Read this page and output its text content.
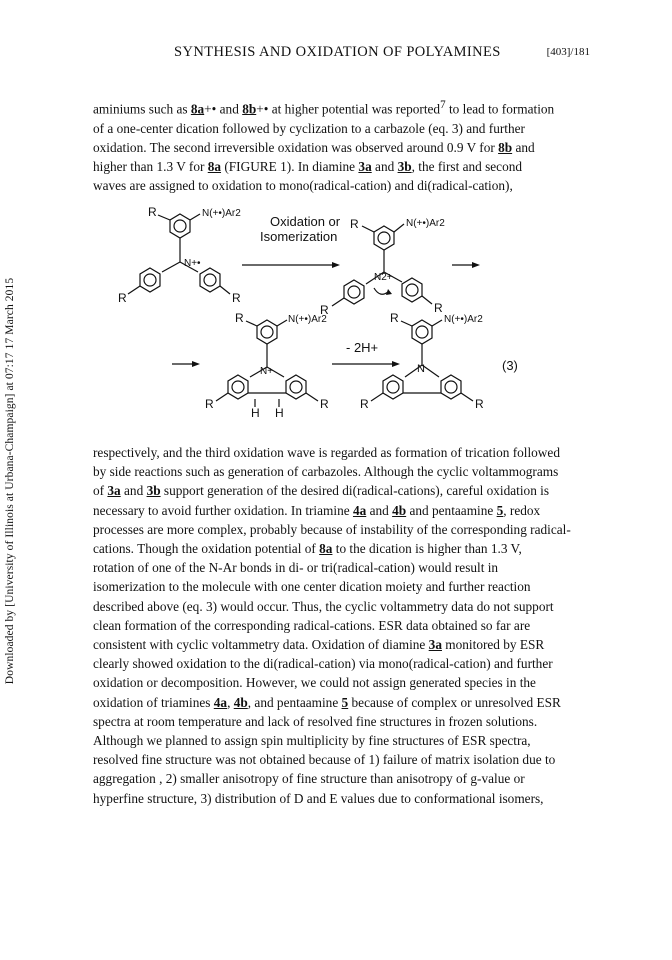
Downloaded by [University of Illinois at Urbana-Champaign] at 07:17 17 March 2015
SYNTHESIS AND OXIDATION OF POLYAMINES	[403]/181

aminiums such as 8a+• and 8b+• at higher potential was reported$^7$ to lead to formation

of a one-center dication followed by cyclization to a carbazole (eq. 3) and further

oxidation. The second irreversible oxidation was observed around 0.9 V for 8b and

higher than 1.3 V for 8a (FIGURE 1). In diamine 3a and 3b, the first and second

waves are assigned to oxidation to mono(radical-cation) and di(radical-cation),

R	N(+•)Ar2
N+•
R	R
Oxidation or
Isomerization
R	N(+•)Ar2
N2+
R	R
R	N(+•)Ar2
N+
R	R
H H
- 2H+
R	N(+•)Ar2
N
R	R
(3)

respectively, and the third oxidation wave is regarded as formation of trication followed

by side reactions such as generation of carbazoles. Although the cyclic voltammograms

of 3a and 3b support generation of the desired di(radical-cations), careful oxidation is

necessary to avoid further oxidation. In triamine 4a and 4b and pentaamine 5, redox

processes are more complex, probably because of instability of the corresponding radical-

cations. Though the oxidation potential of 8a to the dication is higher than 1.3 V,

rotation of one of the N-Ar bonds in di- or tri(radical-cation) would result in

isomerization to the molecule with one center dication moiety and further reaction

described above (eq. 3) would occur. Thus, the cyclic voltammetry data do not support

clean formation of the corresponding radical-cations. ESR data obtained so far are

consistent with cyclic voltammetry data. Oxidation of diamine 3a monitored by ESR

clearly showed oxidation to the di(radical-cation) via mono(radical-cation) and further

oxidation or decomposition. However, we could not assign generated species in the

oxidation of triamines 4a, 4b, and pentaamine 5 because of complex or unresolved ESR

spectra at room temperature and lack of resolved fine structures in frozen solutions.

Although we planned to assign spin multiplicity by fine structures of ESR spectra,

resolved fine structure was not obtained because of 1) failure of matrix isolation due to

aggregation , 2) smaller anisotropy of fine structure than anisotropy of g-value or

hyperfine structure, 3) distribution of D and E values due to conformational isomers,
